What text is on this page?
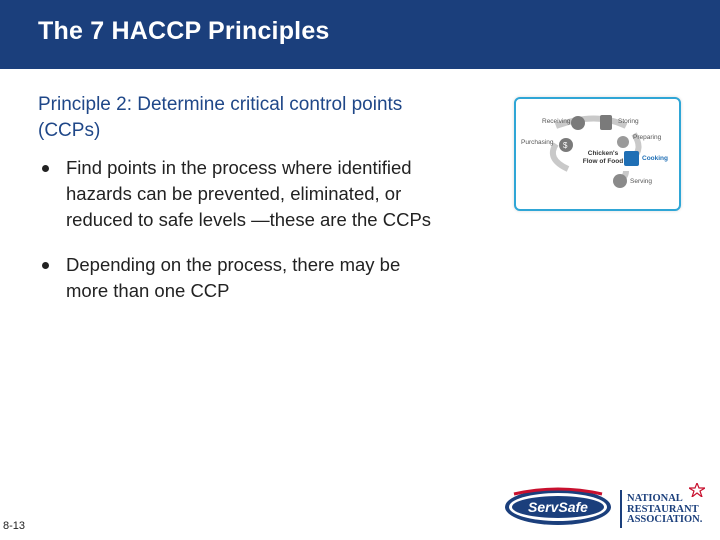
The 7 HACCP Principles
Principle 2: Determine critical control points (CCPs)
Find points in the process where identified hazards can be prevented, eliminated, or reduced to safe levels —these are the CCPs
Depending on the process, there may be more than one CCP
$
Receiving	Storing
Purchasing
Preparing
Cooking
Serving
Chicken's Flow of Food
8-13
ServSafe
NATIONAL
RESTAURANT
ASSOCIATION.
